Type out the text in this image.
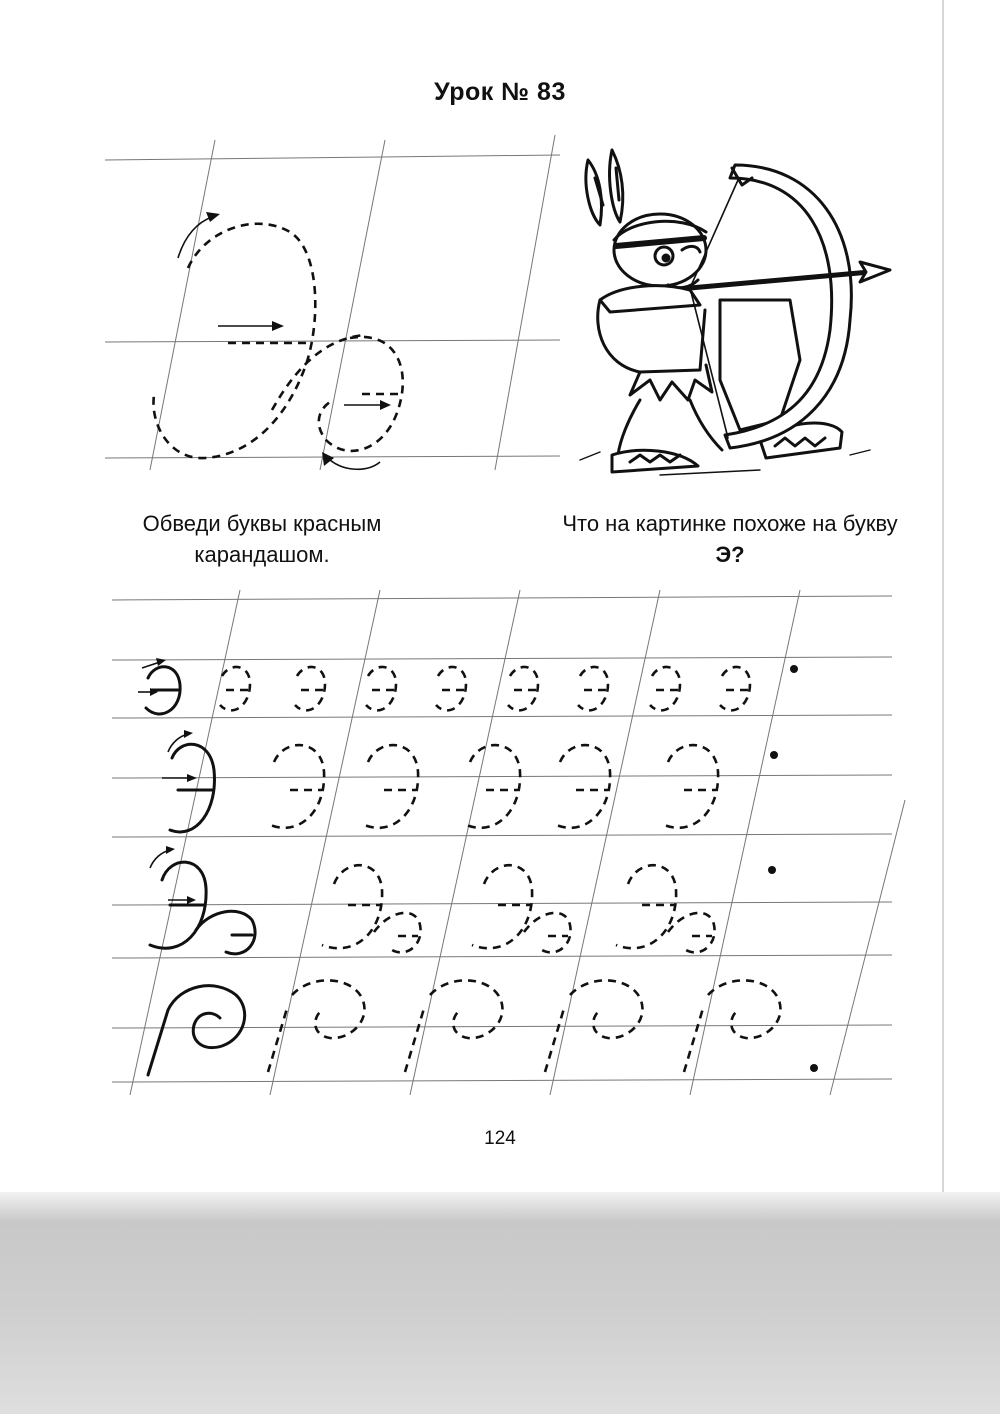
Урок № 83
Обведи буквы красным карандашом.
Что на картинке похоже на букву Э?
124
